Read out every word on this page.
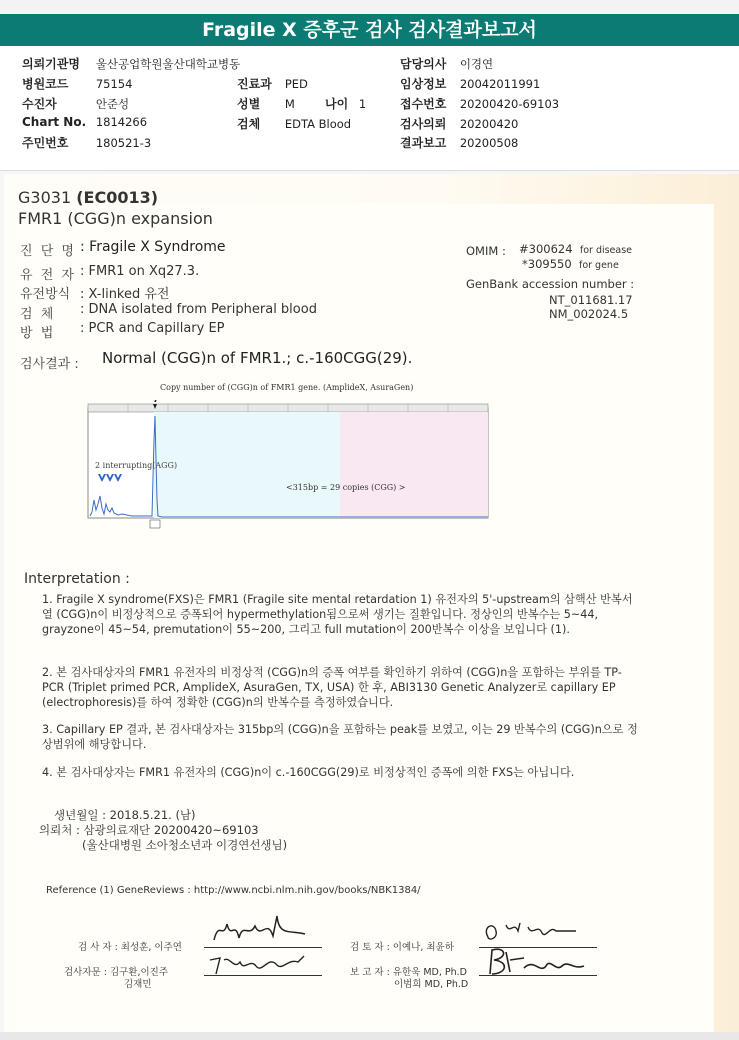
Fragile X 증후군 검사 검사결과보고서
의뢰기관명 울산공업학원울산대학교병동
병원코드 75154
수진자	안준성
Chart No. 1814266
주민번호 180521-3
진료과 PED
성별 M	나이 1
검체 EDTA Blood
담당의사 이경연
임상정보 20042011991
접수번호 20200420-69103
검사의뢰 20200420
결과보고 20200508
G3031 (EC0013)
FMR1 (CGG)n expansion
진 단 명 : Fragile X Syndrome
유 전 자 : FMR1 on Xq27.3.
유전방식 : X-linked 유전
검 체 : DNA isolated from Peripheral blood
방 법 : PCR and Capillary EP
OMIM : #300624 for disease
*309550 for gene
GenBank accession number :
NT_011681.17
NM_002024.5
검사결과 : Normal (CGG)n of FMR1.; c.-160CGG(29).
Copy number of (CGG)n of FMR1 gene. (AmplideX, AsuraGen)
2 interrupting(AGG)
<315bp = 29 copies (CGG) >
Interpretation :
1. Fragile X syndrome(FXS)은 FMR1 (Fragile site mental retardation 1) 유전자의 5'-upstream의 삼핵산 반복서열 (CGG)n이 비정상적으로 증폭되어 hypermethylation됨으로써 생기는 질환입니다. 정상인의 반복수는 5~44, grayzone이 45~54, premutation이 55~200, 그리고 full mutation이 200반복수 이상을 보입니다 (1).
2. 본 검사대상자의 FMR1 유전자의 비정상적 (CGG)n의 증폭 여부를 확인하기 위하여 (CGG)n을 포함하는 부위를 TP-PCR (Triplet primed PCR, AmplideX, AsuraGen, TX, USA) 한 후, ABI3130 Genetic Analyzer로 capillary EP (electrophoresis)를 하여 정확한 (CGG)n의 반복수를 측정하였습니다.
3. Capillary EP 결과, 본 검사대상자는 315bp의 (CGG)n을 포함하는 peak를 보였고, 이는 29 반복수의 (CGG)n으로 정상범위에 해당합니다.
4. 본 검사대상자는 FMR1 유전자의 (CGG)n이 c.-160CGG(29)로 비정상적인 증폭에 의한 FXS는 아닙니다.
생년월일 : 2018.5.21. (남)
의뢰처 : 삼광의료재단 20200420~69103
(울산대병원 소아청소년과 이경연선생님)
Reference (1) GeneReviews : http://www.ncbi.nlm.nih.gov/books/NBK1384/
검 사 자 : 최성훈, 이주연
검사자문 : 김구환,이진주
김재민
검 토 자 : 이예나, 최윤하
보 고 자 : 유한욱 MD, Ph.D
이범희 MD, Ph.D
